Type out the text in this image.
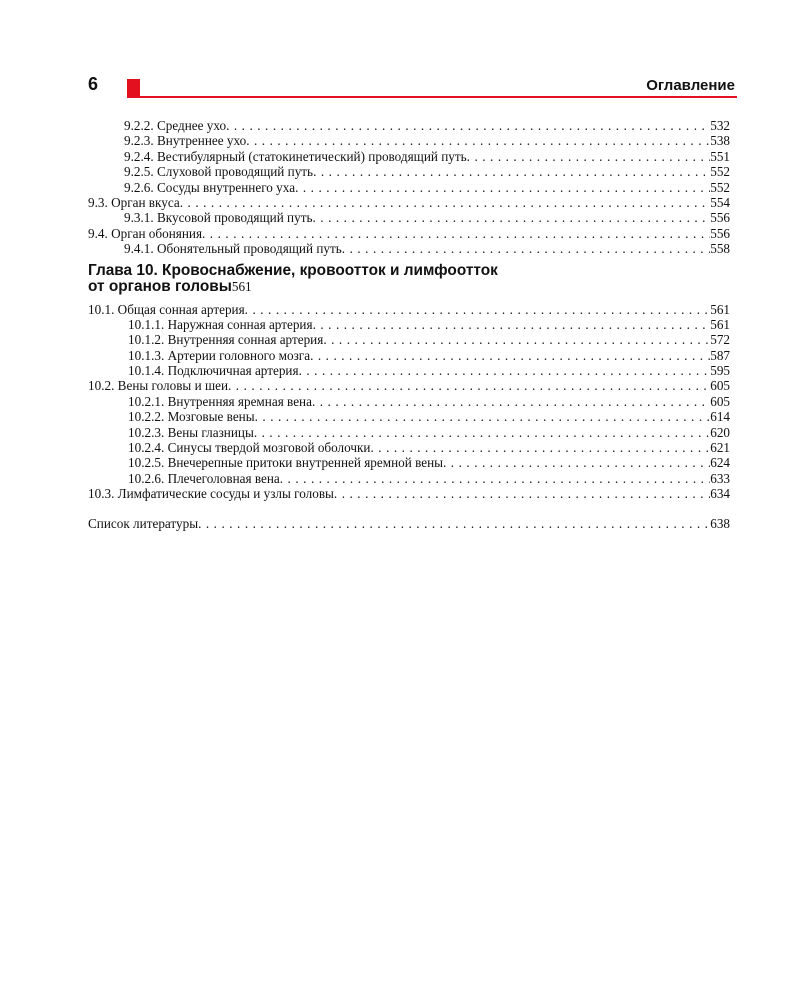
6	Оглавление
9.2.2. Среднее ухо . . .	532
9.2.3. Внутреннее ухо . . .	538
9.2.4. Вестибулярный (статокинетический) проводящий путь . . .	551
9.2.5. Слуховой проводящий путь . . .	552
9.2.6. Сосуды внутреннего уха . . .	552
9.3. Орган вкуса . . .	554
9.3.1. Вкусовой проводящий путь . . .	556
9.4. Орган обоняния . . .	556
9.4.1. Обонятельный проводящий путь . . .	558
Глава 10. Кровоснабжение, кровоотток и лимфоотток
от органов головы 561
10.1. Общая сонная артерия . . .	561
10.1.1. Наружная сонная артерия . . .	561
10.1.2. Внутренняя сонная артерия . . .	572
10.1.3. Артерии головного мозга . . .	587
10.1.4. Подключичная артерия . . .	595
10.2. Вены головы и шеи . . .	605
10.2.1. Внутренняя яремная вена . . .	605
10.2.2. Мозговые вены . . .	614
10.2.3. Вены глазницы . . .	620
10.2.4. Синусы твердой мозговой оболочки . . .	621
10.2.5. Внечерепные притоки внутренней яремной вены . . .	624
10.2.6. Плечеголовная вена . . .	633
10.3. Лимфатические сосуды и узлы головы . . .	634
Список литературы . . .	638
